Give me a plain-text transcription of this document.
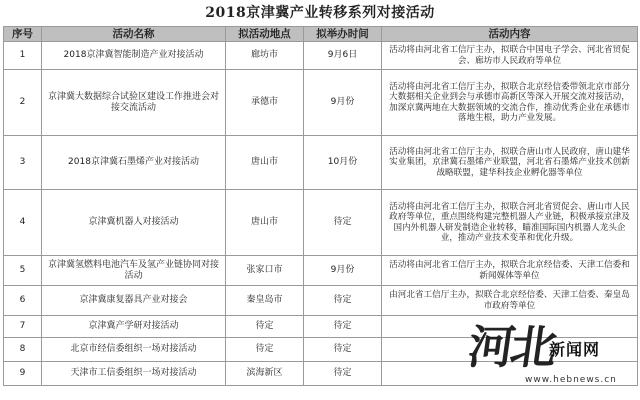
2018京津冀产业转移系列对接活动
序号	活动名称	拟活动地点	拟举办时间	活动内容
1	2018京津冀智能制造产业对接活动	廊坊市	9月6日	活动将由河北省工信厅主办，拟联合中国电子学会、河北省贸促会、廊坊市人民政府等单位
2	京津冀大数据综合试验区建设工作推进会对接交流活动	承德市	9月份	活动将由河北省工信厅主办，拟联合北京经信委带领北京市部分大数据相关企业到会与承德市高新区等深入开展交流对接活动，加深京冀两地在大数据领域的交流合作，推动优秀企业在承德市落地生根，助力产业发展。
3	2018京津冀石墨烯产业对接活动	唐山市	10月份	活动将由河北省工信厅主办，拟联合唐山市人民政府，唐山建华实业集团，京津冀石墨烯产业联盟，河北省石墨烯产业技术创新战略联盟，建华科技企业孵化器等单位
4	京津冀机器人对接活动	唐山市	待定	活动将由河北省工信厅主办，拟联合河北省贸促会、唐山市人民政府等单位，重点围绕构建完整机器人产业链，积极承接京津及国内外机器人研发制造企业转移，瞄准国际国内机器人龙头企业，推动产业技术变革和优化升级。
5	京津冀氢燃料电池汽车及氢产业链协同对接活动	张家口市	9月份	活动将由河北省工信厅主办，拟联合北京经信委、天津工信委和新闻媒体等单位
6	京津冀康复器具产业对接会	秦皇岛市	待定	由河北省工信厅主办，拟联合北京经信委、天津工信委、秦皇岛市政府等单位
7	京津冀产学研对接活动	待定	待定	
8	北京市经信委组织一场对接活动	待定	待定	
9	天津市工信委组织一场对接活动	滨海新区	待定	河北
新闻网
www.hebnews.cn
